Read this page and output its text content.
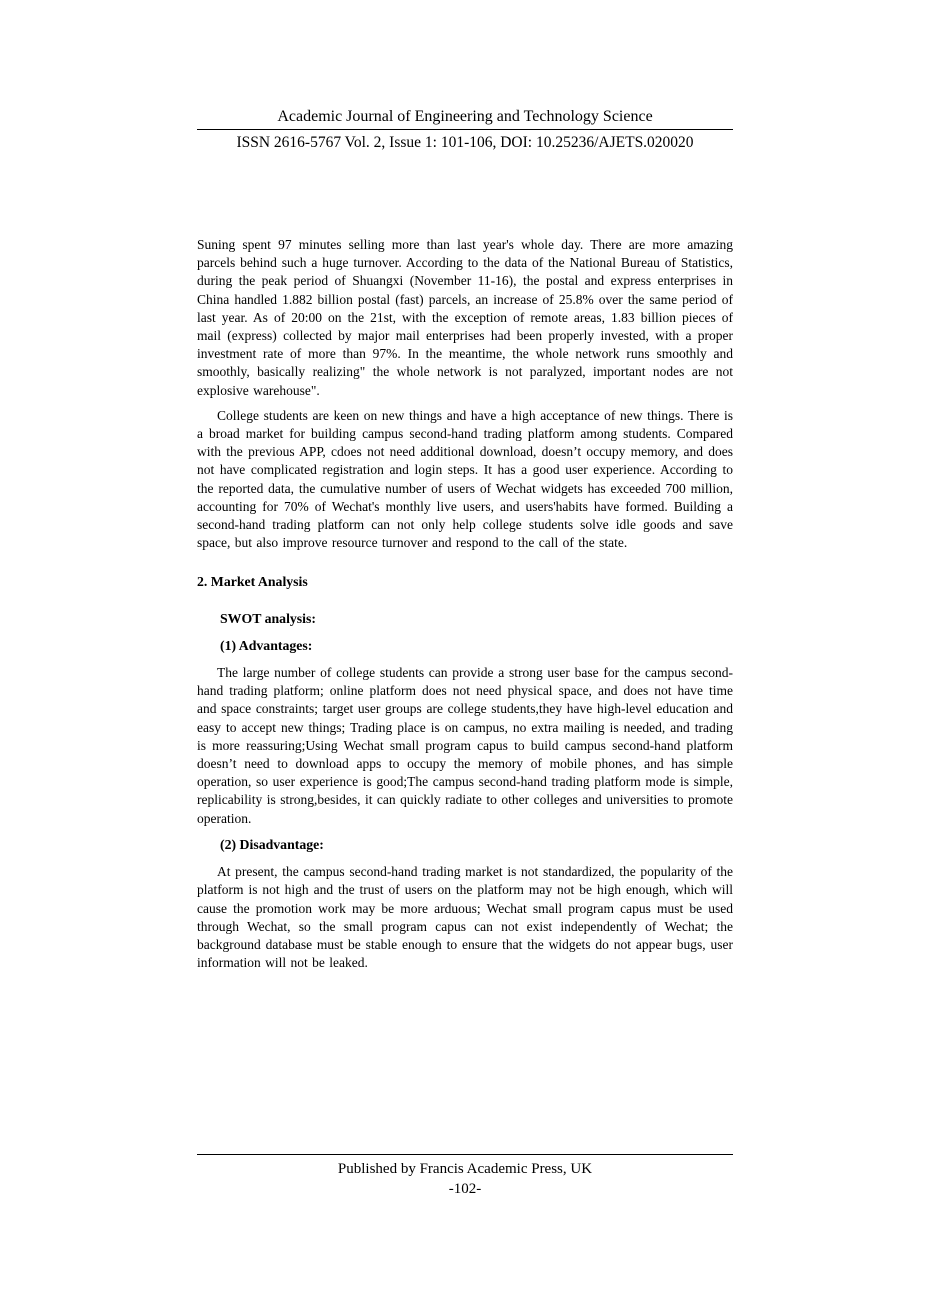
Academic Journal of Engineering and Technology Science
ISSN 2616-5767 Vol. 2, Issue 1: 101-106, DOI: 10.25236/AJETS.020020

Suning spent 97 minutes selling more than last year's whole day. There are more amazing parcels behind such a huge turnover. According to the data of the National Bureau of Statistics, during the peak period of Shuangxi (November 11-16), the postal and express enterprises in China handled 1.882 billion postal (fast) parcels, an increase of 25.8% over the same period of last year. As of 20:00 on the 21st, with the exception of remote areas, 1.83 billion pieces of mail (express) collected by major mail enterprises had been properly invested, with a proper investment rate of more than 97%. In the meantime, the whole network runs smoothly and smoothly, basically realizing" the whole network is not paralyzed, important nodes are not explosive warehouse".

College students are keen on new things and have a high acceptance of new things. There is a broad market for building campus second-hand trading platform among students. Compared with the previous APP, cdoes not need additional download, doesn’t occupy memory, and does not have complicated registration and login steps. It has a good user experience. According to the reported data, the cumulative number of users of Wechat widgets has exceeded 700 million, accounting for 70% of Wechat's monthly live users, and users'habits have formed. Building a second-hand trading platform can not only help college students solve idle goods and save space, but also improve resource turnover and respond to the call of the state.

2. Market Analysis

SWOT analysis:

(1) Advantages:

The large number of college students can provide a strong user base for the campus second-hand trading platform; online platform does not need physical space, and does not have time and space constraints; target user groups are college students,they have high-level education and easy to accept new things; Trading place is on campus, no extra mailing is needed, and trading is more reassuring;Using Wechat small program capus to build campus second-hand platform doesn’t need to download apps to occupy the memory of mobile phones, and has simple operation, so user experience is good;The campus second-hand trading platform mode is simple, replicability is strong,besides, it can quickly radiate to other colleges and universities to promote operation.

(2) Disadvantage:

At present, the campus second-hand trading market is not standardized, the popularity of the platform is not high and the trust of users on the platform may not be high enough, which will cause the promotion work may be more arduous; Wechat small program capus must be used through Wechat, so the small program capus can not exist independently of Wechat; the background database must be stable enough to ensure that the widgets do not appear bugs, user information will not be leaked.

Published by Francis Academic Press, UK
-102-
